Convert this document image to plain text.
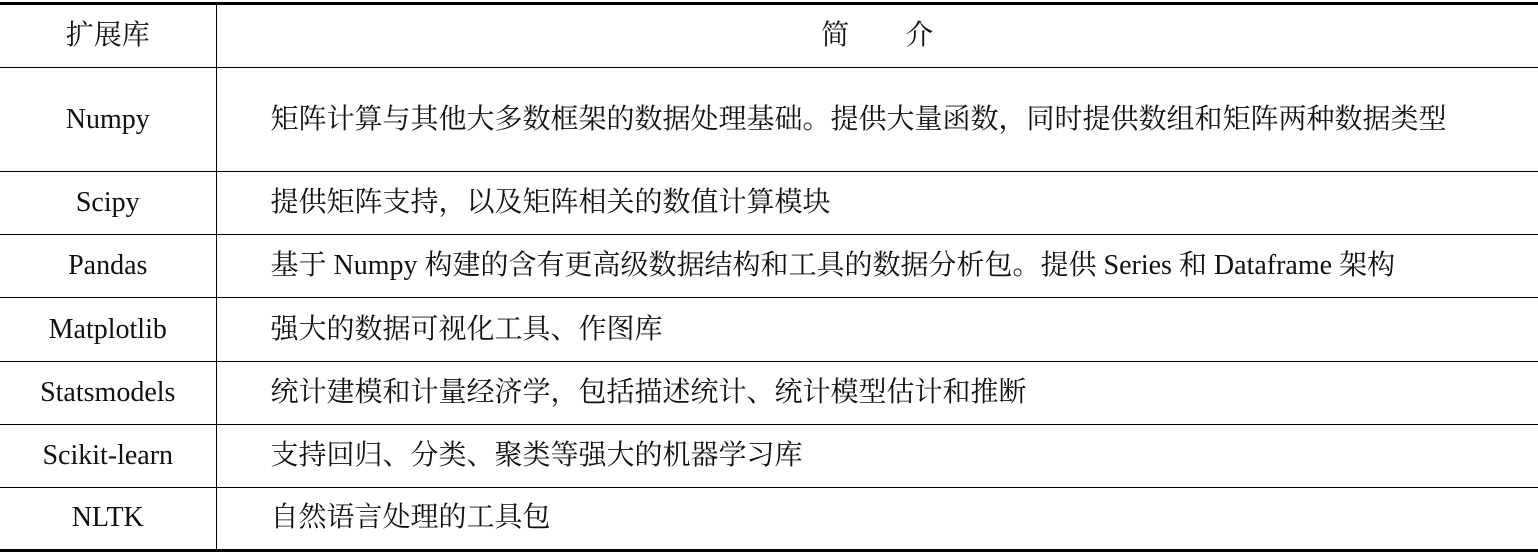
扩展库	简介
Numpy	矩阵计算与其他大多数框架的数据处理基础。提供大量函数，同时提供数组和矩阵两种数据类型
Scipy	提供矩阵支持，以及矩阵相关的数值计算模块
Pandas	基于 Numpy 构建的含有更高级数据结构和工具的数据分析包。提供 Series 和 Dataframe 架构
Matplotlib	强大的数据可视化工具、作图库
Statsmodels	统计建模和计量经济学，包括描述统计、统计模型估计和推断
Scikit-learn	支持回归、分类、聚类等强大的机器学习库
NLTK	自然语言处理的工具包
